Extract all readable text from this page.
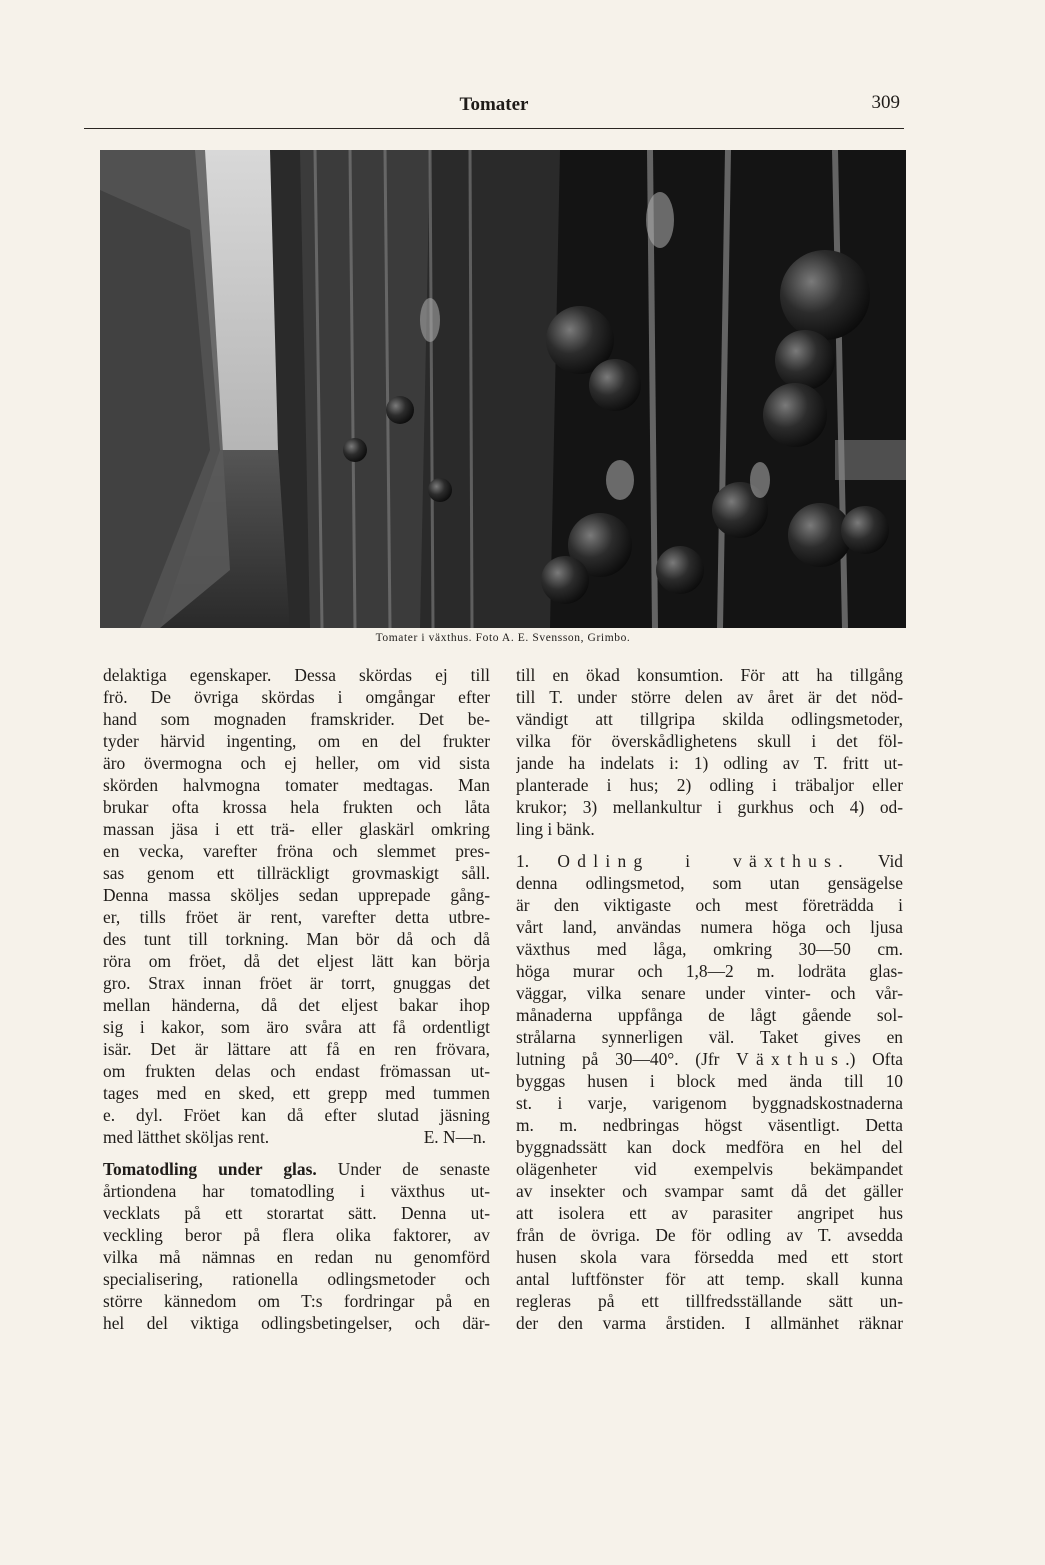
Tomater	309
Tomater i växthus. Foto A. E. Svensson, Grimbo.
delaktiga egenskaper. Dessa skördas ej till
frö. De övriga skördas i omgångar efter
hand som mognaden framskrider. Det be-
tyder härvid ingenting, om en del frukter
äro övermogna och ej heller, om vid sista
skörden halvmogna tomater medtagas. Man
brukar ofta krossa hela frukten och låta
massan jäsa i ett trä- eller glaskärl omkring
en vecka, varefter fröna och slemmet pres-
sas genom ett tillräckligt grovmaskigt såll.
Denna massa sköljes sedan upprepade gång-
er, tills fröet är rent, varefter detta utbre-
des tunt till torkning. Man bör då och då
röra om fröet, då det eljest lätt kan börja
gro. Strax innan fröet är torrt, gnuggas det
mellan händerna, då det eljest bakar ihop
sig i kakor, som äro svåra att få ordentligt
isär. Det är lättare att få en ren frövara,
om frukten delas och endast frömassan ut-
tages med en sked, ett grepp med tummen
e. dyl. Fröet kan då efter slutad jäsning
med lätthet sköljas rent.	E. N—n.
Tomatodling under glas. Under de senaste
årtiondena har tomatodling i växthus ut-
vecklats på ett storartat sätt. Denna ut-
veckling beror på flera olika faktorer, av
vilka må nämnas en redan nu genomförd
specialisering, rationella odlingsmetoder och
större kännedom om T:s fordringar på en
hel del viktiga odlingsbetingelser, och där-
till en ökad konsumtion. För att ha tillgång
till T. under större delen av året är det nöd-
vändigt att tillgripa skilda odlingsmetoder,
vilka för överskådlighetens skull i det föl-
jande ha indelats i: 1) odling av T. fritt ut-
planterade i hus; 2) odling i träbaljor eller
krukor; 3) mellankultur i gurkhus och 4) od-
ling i bänk.
1. Odling i växthus. Vid
denna odlingsmetod, som utan gensägelse
är den viktigaste och mest företrädda i
vårt land, användas numera höga och ljusa
växthus med låga, omkring 30—50 cm.
höga murar och 1,8—2 m. lodräta glas-
väggar, vilka senare under vinter- och vår-
månaderna uppfånga de lågt gående sol-
strålarna synnerligen väl. Taket gives en
lutning på 30—40°. (Jfr Växthus.) Ofta
byggas husen i block med ända till 10
st. i varje, varigenom byggnadskostnaderna
m. m. nedbringas högst väsentligt. Detta
byggnadssätt kan dock medföra en hel del
olägenheter vid exempelvis bekämpandet
av insekter och svampar samt då det gäller
att isolera ett av parasiter angripet hus
från de övriga. De för odling av T. avsedda
husen skola vara försedda med ett stort
antal luftfönster för att temp. skall kunna
regleras på ett tillfredsställande sätt un-
der den varma årstiden. I allmänhet räknar
